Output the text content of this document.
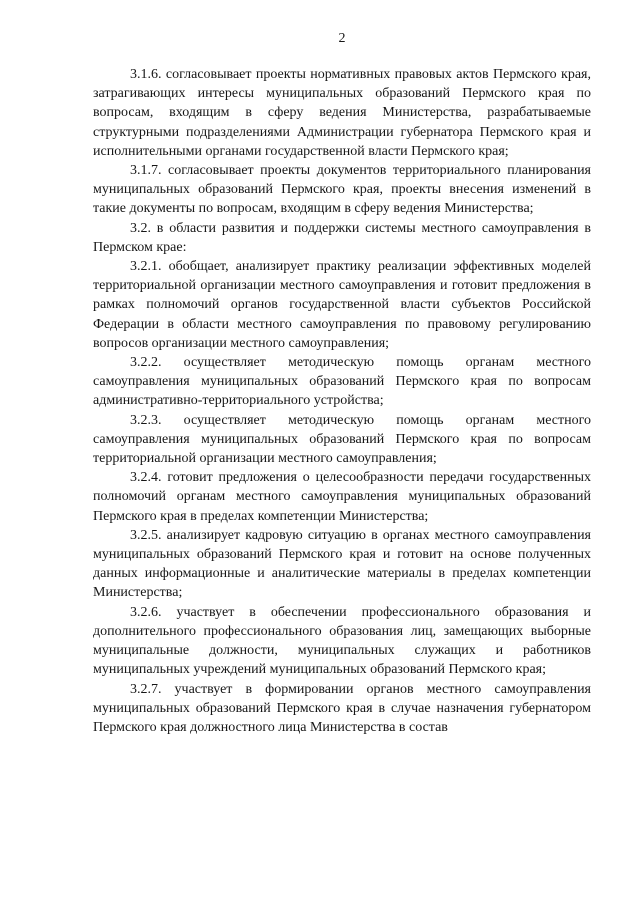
2

3.1.6. согласовывает проекты нормативных правовых актов Пермского края, затрагивающих интересы муниципальных образований Пермского края по вопросам, входящим в сферу ведения Министерства, разрабатываемые структурными подразделениями Администрации губернатора Пермского края и исполнительными органами государственной власти Пермского края;

3.1.7. согласовывает проекты документов территориального планирования муниципальных образований Пермского края, проекты внесения изменений в такие документы по вопросам, входящим в сферу ведения Министерства;

3.2. в области развития и поддержки системы местного самоуправления в Пермском крае:

3.2.1. обобщает, анализирует практику реализации эффективных моделей территориальной организации местного самоуправления и готовит предложения в рамках полномочий органов государственной власти субъектов Российской Федерации в области местного самоуправления по правовому регулированию вопросов организации местного самоуправления;

3.2.2. осуществляет методическую помощь органам местного самоуправления муниципальных образований Пермского края по вопросам административно-территориального устройства;

3.2.3. осуществляет методическую помощь органам местного самоуправления муниципальных образований Пермского края по вопросам территориальной организации местного самоуправления;

3.2.4. готовит предложения о целесообразности передачи государственных полномочий органам местного самоуправления муниципальных образований Пермского края в пределах компетенции Министерства;

3.2.5. анализирует кадровую ситуацию в органах местного самоуправления муниципальных образований Пермского края и готовит на основе полученных данных информационные и аналитические материалы в пределах компетенции Министерства;

3.2.6. участвует в обеспечении профессионального образования и дополнительного профессионального образования лиц, замещающих выборные муниципальные должности, муниципальных служащих и работников муниципальных учреждений муниципальных образований Пермского края;

3.2.7. участвует в формировании органов местного самоуправления муниципальных образований Пермского края в случае назначения губернатором Пермского края должностного лица Министерства в состав
